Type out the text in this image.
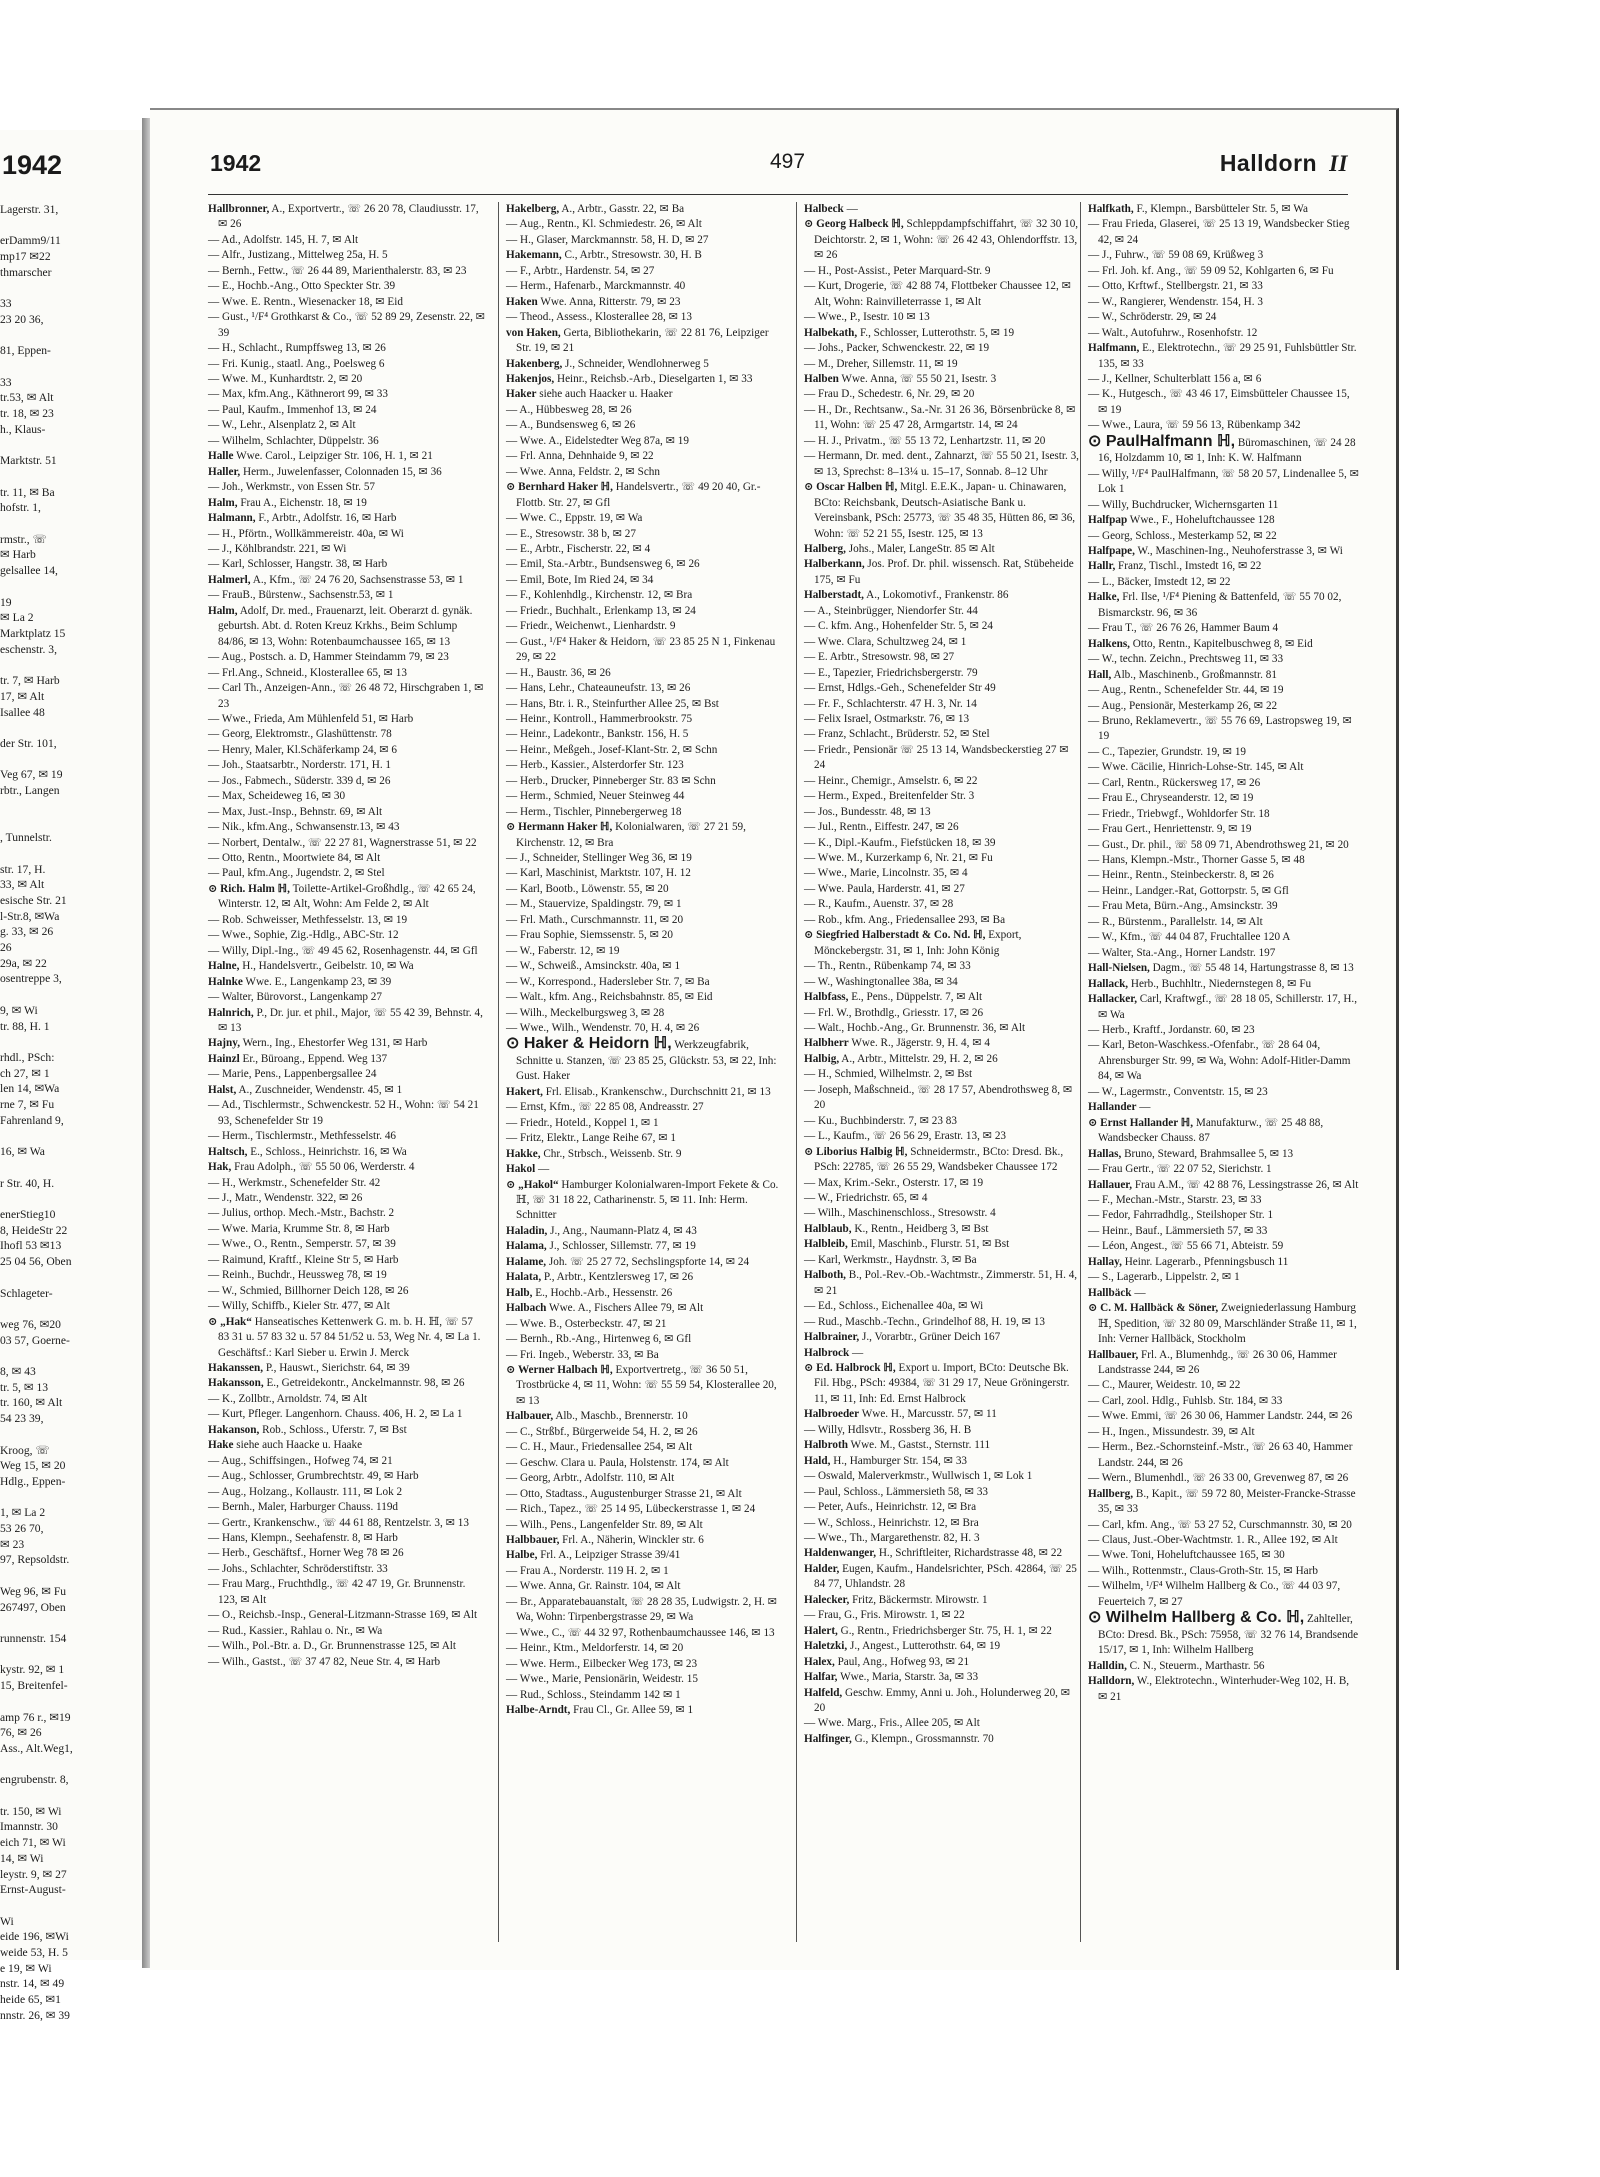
1942
Lagerstr. 31,

erDamm9/11
mp17 ✉22
thmarscher

33
23 20 36,

81, Eppen-

33
tr.53, ✉ Alt
tr. 18, ✉ 23
h., Klaus-

Marktstr. 51

tr. 11, ✉ Ba
hofstr. 1,

rmstr., ☏
✉ Harb
gelsallee 14,

19
✉ La 2
Marktplatz 15
eschenstr. 3,

tr. 7, ✉ Harb
17, ✉ Alt
Isallee 48

der Str. 101,

Veg 67, ✉ 19
rbtr., Langen

, Tunnelstr.

str. 17, H.
33, ✉ Alt
esische Str. 21
l-Str.8, ✉Wa
g. 33, ✉ 26
26
29a, ✉ 22
osentreppe 3,

9, ✉ Wi
tr. 88, H. 1

rhdl., PSch:
ch 27, ✉ 1
len 14, ✉Wa
rne 7, ✉ Fu
Fahrenland 9,

16, ✉ Wa

r Str. 40, H.

enerStieg10
8, HeideStr 22
Ihofl 53 ✉13
25 04 56, Oben

Schlageter-

weg 76, ✉20
03 57, Goerne-

8, ✉ 43
tr. 5, ✉ 13
tr. 160, ✉ Alt
54 23 39,

Kroog, ☏
Weg 15, ✉ 20
Hdlg., Eppen-

1, ✉ La 2
53 26 70,
✉ 23
97, Repsoldstr.

Weg 96, ✉ Fu
267497, Oben

runnenstr. 154

kystr. 92, ✉ 1
15, Breitenfel-

amp 76 r., ✉19
76, ✉ 26
Ass., Alt.Weg1,

engrubenstr. 8,

tr. 150, ✉ Wi
Imannstr. 30
eich 71, ✉ Wi
14, ✉ Wi
leystr. 9, ✉ 27
Ernst-August-

Wi
eide 196, ✉Wi
weide 53, H. 5
e 19, ✉ Wi
nstr. 14, ✉ 49
heide 65, ✉1
nnstr. 26, ✉ 39
1942	497	Halldorn II
Hallbronner, A., Exportvertr., ☏ 26 20 78, Claudiusstr. 17, ✉ 26
— Ad., Adolfstr. 145, H. 7, ✉ Alt
— Alfr., Justizang., Mittelweg 25a, H. 5
— Bernh., Fettw., ☏ 26 44 89, Marienthalerstr. 83, ✉ 23
— E., Hochb.-Ang., Otto Speckter Str. 39
— Wwe. E. Rentn., Wiesenacker 18, ✉ Eid
— Gust., ¹/F⁴ Grothkarst & Co., ☏ 52 89 29, Zesenstr. 22, ✉ 39
— H., Schlacht., Rumpffsweg 13, ✉ 26
— Fri. Kunig., staatl. Ang., Poelsweg 6
— Wwe. M., Kunhardtstr. 2, ✉ 20
— Max, kfm.Ang., Käthnerort 99, ✉ 33
— Paul, Kaufm., Immenhof 13, ✉ 24
— W., Lehr., Alsenplatz 2, ✉ Alt
— Wilhelm, Schlachter, Düppelstr. 36
Halle Wwe. Carol., Leipziger Str. 106, H. 1, ✉ 21
Haller, Herm., Juwelenfasser, Colonnaden 15, ✉ 36
— Joh., Werkmstr., von Essen Str. 57
Halm, Frau A., Eichenstr. 18, ✉ 19
Halmann, F., Arbtr., Adolfstr. 16, ✉ Harb
— H., Pförtn., Wollkämmereistr. 40a, ✉ Wi
— J., Köhlbrandstr. 221, ✉ Wi
— Karl, Schlosser, Hangstr. 38, ✉ Harb
Halmerl, A., Kfm., ☏ 24 76 20, Sachsenstrasse 53, ✉ 1
— FrauB., Bürstenw., Sachsenstr.53, ✉ 1
Halm, Adolf, Dr. med., Frauenarzt, leit. Oberarzt d. gynäk. geburtsh. Abt. d. Roten Kreuz Krkhs., Beim Schlump 84/86, ✉ 13, Wohn: Rotenbaumchaussee 165, ✉ 13
— Aug., Postsch. a. D, Hammer Steindamm 79, ✉ 23
— Frl.Ang., Schneid., Klosterallee 65, ✉ 13
— Carl Th., Anzeigen-Ann., ☏ 26 48 72, Hirschgraben 1, ✉ 23
— Wwe., Frieda, Am Mühlenfeld 51, ✉ Harb
— Georg, Elektromstr., Glashüttenstr. 78
— Henry, Maler, Kl.Schäferkamp 24, ✉ 6
— Joh., Staatsarbtr., Norderstr. 171, H. 1
— Jos., Fabmech., Süderstr. 339 d, ✉ 26
— Max, Scheideweg 16, ✉ 30
— Max, Just.-Insp., Behnstr. 69, ✉ Alt
— Nik., kfm.Ang., Schwansenstr.13, ✉ 43
— Norbert, Dentalw., ☏ 22 27 81, Wagnerstrasse 51, ✉ 22
— Otto, Rentn., Moortwiete 84, ✉ Alt
— Paul, kfm.Ang., Jugendstr. 2, ✉ Stel
⊙ Rich. Halm ℍ, Toilette-Artikel-Großhdlg., ☏ 42 65 24, Winterstr. 12, ✉ Alt, Wohn: Am Felde 2, ✉ Alt
— Rob. Schweisser, Methfesselstr. 13, ✉ 19
— Wwe., Sophie, Zig.-Hdlg., ABC-Str. 12
— Willy, Dipl.-Ing., ☏ 49 45 62, Rosenhagenstr. 44, ✉ Gfl
Halne, H., Handelsvertr., Geibelstr. 10, ✉ Wa
Halnke Wwe. E., Langenkamp 23, ✉ 39
— Walter, Bürovorst., Langenkamp 27
Halnrich, P., Dr. jur. et phil., Major, ☏ 55 42 39, Behnstr. 4, ✉ 13
Hajny, Wern., Ing., Ehestorfer Weg 131, ✉ Harb
Hainzl Er., Büroang., Eppend. Weg 137
— Marie, Pens., Lappenbergsallee 24
Halst, A., Zuschneider, Wendenstr. 45, ✉ 1
— Ad., Tischlermstr., Schwenckestr. 52 H., Wohn: ☏ 54 21 93, Schenefelder Str 19
— Herm., Tischlermstr., Methfesselstr. 46
Haltsch, E., Schloss., Heinrichstr. 16, ✉ Wa
Hak, Frau Adolph., ☏ 55 50 06, Werderstr. 4
— H., Werkmstr., Schenefelder Str. 42
— J., Matr., Wendenstr. 322, ✉ 26
— Julius, orthop. Mech.-Mstr., Bachstr. 2
— Wwe. Maria, Krumme Str. 8, ✉ Harb
— Wwe., O., Rentn., Semperstr. 57, ✉ 39
— Raimund, Kraftf., Kleine Str 5, ✉ Harb
— Reinh., Buchdr., Heussweg 78, ✉ 19
— W., Schmied, Billhorner Deich 128, ✉ 26
— Willy, Schiffb., Kieler Str. 477, ✉ Alt
⊙ „Hak“ Hanseatisches Kettenwerk G. m. b. H. ℍ, ☏ 57 83 31 u. 57 83 32 u. 57 84 51/52 u. 53, Weg Nr. 4, ✉ La 1. Geschäftsf.: Karl Sieber u. Erwin J. Merck
Hakanssen, P., Hauswt., Sierichstr. 64, ✉ 39
Hakansson, E., Getreidekontr., Anckelmannstr. 98, ✉ 26
— K., Zollbtr., Arnoldstr. 74, ✉ Alt
— Kurt, Pfleger. Langenhorn. Chauss. 406, H. 2, ✉ La 1
Hakanson, Rob., Schloss., Uferstr. 7, ✉ Bst
Hake siehe auch Haacke u. Haake
— Aug., Schiffsingen., Hofweg 74, ✉ 21
— Aug., Schlosser, Grumbrechtstr. 49, ✉ Harb
— Aug., Holzang., Kollaustr. 111, ✉ Lok 2
— Bernh., Maler, Harburger Chauss. 119d
— Gertr., Krankenschw., ☏ 44 61 88, Rentzelstr. 3, ✉ 13
— Hans, Klempn., Seehafenstr. 8, ✉ Harb
— Herb., Geschäftsf., Horner Weg 78 ✉ 26
— Johs., Schlachter, Schröderstiftstr. 33
— Frau Marg., Fruchthdlg., ☏ 42 47 19, Gr. Brunnenstr. 123, ✉ Alt
— O., Reichsb.-Insp., General-Litzmann-Strasse 169, ✉ Alt
— Rud., Kassier., Rahlau o. Nr., ✉ Wa
— Wilh., Pol.-Btr. a. D., Gr. Brunnenstrasse 125, ✉ Alt
— Wilh., Gastst., ☏ 37 47 82, Neue Str. 4, ✉ Harb
Hakelberg, A., Arbtr., Gasstr. 22, ✉ Ba
— Aug., Rentn., Kl. Schmiedestr. 26, ✉ Alt
— H., Glaser, Marckmannstr. 58, H. D, ✉ 27
Hakemann, C., Arbtr., Stresowstr. 30, H. B
— F., Arbtr., Hardenstr. 54, ✉ 27
— Herm., Hafenarb., Marckmannstr. 40
Haken Wwe. Anna, Ritterstr. 79, ✉ 23
— Theod., Assess., Klosterallee 28, ✉ 13
von Haken, Gerta, Bibliothekarin, ☏ 22 81 76, Leipziger Str. 19, ✉ 21
Hakenberg, J., Schneider, Wendlohnerweg 5
Hakenjos, Heinr., Reichsb.-Arb., Dieselgarten 1, ✉ 33
Haker siehe auch Haacker u. Haaker
— A., Hübbesweg 28, ✉ 26
— A., Bundsensweg 6, ✉ 26
— Wwe. A., Eidelstedter Weg 87a, ✉ 19
— Frl. Anna, Dehnhaide 9, ✉ 22
— Wwe. Anna, Feldstr. 2, ✉ Schn
⊙ Bernhard Haker ℍ, Handelsvertr., ☏ 49 20 40, Gr.-Flottb. Str. 27, ✉ Gfl
— Wwe. C., Eppstr. 19, ✉ Wa
— E., Stresowstr. 38 b, ✉ 27
— E., Arbtr., Fischerstr. 22, ✉ 4
— Emil, Sta.-Arbtr., Bundsensweg 6, ✉ 26
— Emil, Bote, Im Ried 24, ✉ 34
— F., Kohlenhdlg., Kirchenstr. 12, ✉ Bra
— Friedr., Buchhalt., Erlenkamp 13, ✉ 24
— Friedr., Weichenwt., Lienhardstr. 9
— Gust., ¹/F⁴ Haker & Heidorn, ☏ 23 85 25 N 1, Finkenau 29, ✉ 22
— H., Baustr. 36, ✉ 26
— Hans, Lehr., Chateauneufstr. 13, ✉ 26
— Hans, Btr. i. R., Steinfurther Allee 25, ✉ Bst
— Heinr., Kontroll., Hammerbrookstr. 75
— Heinr., Ladekontr., Bankstr. 156, H. 5
— Heinr., Meßgeh., Josef-Klant-Str. 2, ✉ Schn
— Herb., Kassier., Alsterdorfer Str. 123
— Herb., Drucker, Pinneberger Str. 83 ✉ Schn
— Herm., Schmied, Neuer Steinweg 44
— Herm., Tischler, Pinnebergerweg 18
⊙ Hermann Haker ℍ, Kolonialwaren, ☏ 27 21 59, Kirchenstr. 12, ✉ Bra
— J., Schneider, Stellinger Weg 36, ✉ 19
— Karl, Maschinist, Marktstr. 107, H. 12
— Karl, Bootb., Löwenstr. 55, ✉ 20
— M., Stauervize, Spaldingstr. 79, ✉ 1
— Frl. Math., Curschmannstr. 11, ✉ 20
— Frau Sophie, Siemssenstr. 5, ✉ 20
— W., Faberstr. 12, ✉ 19
— W., Schweiß., Amsinckstr. 40a, ✉ 1
— W., Korrespond., Hadersleber Str. 7, ✉ Ba
— Walt., kfm. Ang., Reichsbahnstr. 85, ✉ Eid
— Wilh., Meckelburgsweg 3, ✉ 28
— Wwe., Wilh., Wendenstr. 70, H. 4, ✉ 26
⊙ Haker & Heidorn ℍ, Werkzeugfabrik, Schnitte u. Stanzen, ☏ 23 85 25, Glückstr. 53, ✉ 22, Inh: Gust. Haker
Hakert, Frl. Elisab., Krankenschw., Durchschnitt 21, ✉ 13
— Ernst, Kfm., ☏ 22 85 08, Andreasstr. 27
— Friedr., Hoteld., Koppel 1, ✉ 1
— Fritz, Elektr., Lange Reihe 67, ✉ 1
Hakke, Chr., Strbsch., Weissenb. Str. 9
Hakol —
⊙ „Hakol“ Hamburger Kolonialwaren-Import Fekete & Co. ℍ, ☏ 31 18 22, Catharinenstr. 5, ✉ 11. Inh: Herm. Schnitter
Haladin, J., Ang., Naumann-Platz 4, ✉ 43
Halama, J., Schlosser, Sillemstr. 77, ✉ 19
Halame, Joh. ☏ 25 27 72, Sechslingspforte 14, ✉ 24
Halata, P., Arbtr., Kentzlersweg 17, ✉ 26
Halb, E., Hochb.-Arb., Hessenstr. 26
Halbach Wwe. A., Fischers Allee 79, ✉ Alt
— Wwe. B., Osterbeckstr. 47, ✉ 21
— Bernh., Rb.-Ang., Hirtenweg 6, ✉ Gfl
— Fri. Ingeb., Weberstr. 33, ✉ Ba
⊙ Werner Halbach ℍ, Exportvertretg., ☏ 36 50 51, Trostbrücke 4, ✉ 11, Wohn: ☏ 55 59 54, Klosterallee 20, ✉ 13
Halbauer, Alb., Maschb., Brennerstr. 10
— C., Strßbf., Bürgerweide 54, H. 2, ✉ 26
— C. H., Maur., Friedensallee 254, ✉ Alt
— Geschw. Clara u. Paula, Holstenstr. 174, ✉ Alt
— Georg, Arbtr., Adolfstr. 110, ✉ Alt
— Otto, Stadtass., Augustenburger Strasse 21, ✉ Alt
— Rich., Tapez., ☏ 25 14 95, Lübeckerstrasse 1, ✉ 24
— Wilh., Pens., Langenfelder Str. 89, ✉ Alt
Halbbauer, Frl. A., Näherin, Winckler str. 6
Halbe, Frl. A., Leipziger Strasse 39/41
— Frau A., Norderstr. 119 H. 2, ✉ 1
— Wwe. Anna, Gr. Rainstr. 104, ✉ Alt
— Br., Apparatebauanstalt, ☏ 28 28 35, Ludwigstr. 2, H. ✉ Wa, Wohn: Tirpenbergstrasse 29, ✉ Wa
— Wwe., C., ☏ 44 32 97, Rothenbaumchaussee 146, ✉ 13
— Heinr., Ktm., Meldorferstr. 14, ✉ 20
— Wwe. Herm., Eilbecker Weg 173, ✉ 23
— Wwe., Marie, Pensionärin, Weidestr. 15
— Rud., Schloss., Steindamm 142 ✉ 1
Halbe-Arndt, Frau Cl., Gr. Allee 59, ✉ 1
Halbeck —
⊙ Georg Halbeck ℍ, Schleppdampfschiffahrt, ☏ 32 30 10, Deichtorstr. 2, ✉ 1, Wohn: ☏ 26 42 43, Ohlendorffstr. 13, ✉ 26
— H., Post-Assist., Peter Marquard-Str. 9
— Kurt, Drogerie, ☏ 42 88 74, Flottbeker Chaussee 12, ✉ Alt, Wohn: Rainvilleterrasse 1, ✉ Alt
— Wwe., P., Isestr. 10 ✉ 13
Halbekath, F., Schlosser, Lutterothstr. 5, ✉ 19
— Johs., Packer, Schwenckestr. 22, ✉ 19
— M., Dreher, Sillemstr. 11, ✉ 19
Halben Wwe. Anna, ☏ 55 50 21, Isestr. 3
— Frau D., Schedestr. 6, Nr. 29, ✉ 20
— H., Dr., Rechtsanw., Sa.-Nr. 31 26 36, Börsenbrücke 8, ✉ 11, Wohn: ☏ 25 47 28, Armgartstr. 14, ✉ 24
— H. J., Privatm., ☏ 55 13 72, Lenhartzstr. 11, ✉ 20
— Hermann, Dr. med. dent., Zahnarzt, ☏ 55 50 21, Isestr. 3, ✉ 13, Sprechst: 8–13¼ u. 15–17, Sonnab. 8–12 Uhr
⊙ Oscar Halben ℍ, Mitgl. E.E.K., Japan- u. Chinawaren, BCto: Reichsbank, Deutsch-Asiatische Bank u. Vereinsbank, PSch: 25773, ☏ 35 48 35, Hütten 86, ✉ 36, Wohn: ☏ 52 21 55, Isestr. 125, ✉ 13
Halberg, Johs., Maler, LangeStr. 85 ✉ Alt
Halberkann, Jos. Prof. Dr. phil. wissensch. Rat, Stübeheide 175, ✉ Fu
Halberstadt, A., Lokomotivf., Frankenstr. 86
— A., Steinbrügger, Niendorfer Str. 44
— C. kfm. Ang., Hohenfelder Str. 5, ✉ 24
— Wwe. Clara, Schultzweg 24, ✉ 1
— E. Arbtr., Stresowstr. 98, ✉ 27
— E., Tapezier, Friedrichsbergerstr. 79
— Ernst, Hdlgs.-Geh., Schenefelder Str 49
— Fr. F., Schlachterstr. 47 H. 3, Nr. 14
— Felix Israel, Ostmarkstr. 76, ✉ 13
— Franz, Schlacht., Brüderstr. 52, ✉ Stel
— Friedr., Pensionär ☏ 25 13 14, Wandsbeckerstieg 27 ✉ 24
— Heinr., Chemigr., Amselstr. 6, ✉ 22
— Herm., Exped., Breitenfelder Str. 3
— Jos., Bundesstr. 48, ✉ 13
— Jul., Rentn., Eiffestr. 247, ✉ 26
— K., Dipl.-Kaufm., Fiefstücken 18, ✉ 39
— Wwe. M., Kurzerkamp 6, Nr. 21, ✉ Fu
— Wwe., Marie, Lincolnstr. 35, ✉ 4
— Wwe. Paula, Harderstr. 41, ✉ 27
— R., Kaufm., Auenstr. 37, ✉ 28
— Rob., kfm. Ang., Friedensallee 293, ✉ Ba
⊙ Siegfried Halberstadt & Co. Nd. ℍ, Export, Mönckebergstr. 31, ✉ 1, Inh: John König
— Th., Rentn., Rübenkamp 74, ✉ 33
— W., Washingtonallee 38a, ✉ 34
Halbfass, E., Pens., Düppelstr. 7, ✉ Alt
— Frl. W., Brothdlg., Griesstr. 17, ✉ 26
— Walt., Hochb.-Ang., Gr. Brunnenstr. 36, ✉ Alt
Halbherr Wwe. R., Jägerstr. 9, H. 4, ✉ 4
Halbig, A., Arbtr., Mittelstr. 29, H. 2, ✉ 26
— H., Schmied, Wilhelmstr. 2, ✉ Bst
— Joseph, Maßschneid., ☏ 28 17 57, Abendrothsweg 8, ✉ 20
— Ku., Buchbinderstr. 7, ✉ 23 83
— L., Kaufm., ☏ 26 56 29, Erastr. 13, ✉ 23
⊙ Liborius Halbig ℍ, Schneidermstr., BCto: Dresd. Bk., PSch: 22785, ☏ 26 55 29, Wandsbeker Chaussee 172
— Max, Krim.-Sekr., Osterstr. 17, ✉ 19
— W., Friedrichstr. 65, ✉ 4
— Wilh., Maschinenschloss., Stresowstr. 4
Halblaub, K., Rentn., Heidberg 3, ✉ Bst
Halbleib, Emil, Maschinb., Flurstr. 51, ✉ Bst
— Karl, Werkmstr., Haydnstr. 3, ✉ Ba
Halboth, B., Pol.-Rev.-Ob.-Wachtmstr., Zimmerstr. 51, H. 4, ✉ 21
— Ed., Schloss., Eichenallee 40a, ✉ Wi
— Rud., Maschb.-Techn., Grindelhof 88, H. 19, ✉ 13
Halbrainer, J., Vorarbtr., Grüner Deich 167
Halbrock —
⊙ Ed. Halbrock ℍ, Export u. Import, BCto: Deutsche Bk. Fil. Hbg., PSch: 49384, ☏ 31 29 17, Neue Gröningerstr. 11, ✉ 11, Inh: Ed. Ernst Halbrock
Halbroeder Wwe. H., Marcusstr. 57, ✉ 11
— Willy, Hdlsvtr., Rossberg 36, H. B
Halbroth Wwe. M., Gastst., Sternstr. 111
Hald, H., Hamburger Str. 154, ✉ 33
— Oswald, Malerverkmstr., Wullwisch 1, ✉ Lok 1
— Paul, Schloss., Lämmersieth 58, ✉ 33
— Peter, Aufs., Heinrichstr. 12, ✉ Bra
— W., Schloss., Heinrichstr. 12, ✉ Bra
— Wwe., Th., Margarethenstr. 82, H. 3
Haldenwanger, H., Schriftleiter, Richardstrasse 48, ✉ 22
Halder, Eugen, Kaufm., Handelsrichter, PSch. 42864, ☏ 25 84 77, Uhlandstr. 28
Halecker, Fritz, Bäckermstr. Mirowstr. 1
— Frau, G., Fris. Mirowstr. 1, ✉ 22
Halert, G., Rentn., Friedrichsberger Str. 75, H. 1, ✉ 22
Haletzki, J., Angest., Lutterothstr. 64, ✉ 19
Halex, Paul, Ang., Hofweg 93, ✉ 21
Halfar, Wwe., Maria, Starstr. 3a, ✉ 33
Halfeld, Geschw. Emmy, Anni u. Joh., Holunderweg 20, ✉ 20
— Wwe. Marg., Fris., Allee 205, ✉ Alt
Halfinger, G., Klempn., Grossmannstr. 70
Halfkath, F., Klempn., Barsbütteler Str. 5, ✉ Wa
— Frau Frieda, Glaserei, ☏ 25 13 19, Wandsbecker Stieg 42, ✉ 24
— J., Fuhrw., ☏ 59 08 69, Krüßweg 3
— Frl. Joh. kf. Ang., ☏ 59 09 52, Kohlgarten 6, ✉ Fu
— Otto, Krftwf., Stellbergstr. 21, ✉ 33
— W., Rangierer, Wendenstr. 154, H. 3
— W., Schröderstr. 29, ✉ 24
— Walt., Autofuhrw., Rosenhofstr. 12
Halfmann, E., Elektrotechn., ☏ 29 25 91, Fuhlsbüttler Str. 135, ✉ 33
— J., Kellner, Schulterblatt 156 a, ✉ 6
— K., Hutgesch., ☏ 43 46 17, Eimsbütteler Chaussee 15, ✉ 19
— Wwe., Laura, ☏ 59 56 13, Rübenkamp 342
⊙ PaulHalfmann ℍ, Büromaschinen, ☏ 24 28 16, Holzdamm 10, ✉ 1, Inh: K. W. Halfmann
— Willy, ¹/F⁴ PaulHalfmann, ☏ 58 20 57, Lindenallee 5, ✉ Lok 1
— Willy, Buchdrucker, Wichernsgarten 11
Halfpap Wwe., F., Hoheluftchaussee 128
— Georg, Schloss., Mesterkamp 52, ✉ 22
Halfpape, W., Maschinen-Ing., Neuhoferstrasse 3, ✉ Wi
Hallr, Franz, Tischl., Imstedt 16, ✉ 22
— L., Bäcker, Imstedt 12, ✉ 22
Halke, Frl. Ilse, ¹/F⁴ Piening & Battenfeld, ☏ 55 70 02, Bismarckstr. 96, ✉ 36
— Frau T., ☏ 26 76 26, Hammer Baum 4
Halkens, Otto, Rentn., Kapitelbuschweg 8, ✉ Eid
— W., techn. Zeichn., Prechtsweg 11, ✉ 33
Hall, Alb., Maschinenb., Großmannstr. 81
— Aug., Rentn., Schenefelder Str. 44, ✉ 19
— Aug., Pensionär, Mesterkamp 26, ✉ 22
— Bruno, Reklamevertr., ☏ 55 76 69, Lastropsweg 19, ✉ 19
— C., Tapezier, Grundstr. 19, ✉ 19
— Wwe. Cäcilie, Hinrich-Lohse-Str. 145, ✉ Alt
— Carl, Rentn., Rückersweg 17, ✉ 26
— Frau E., Chryseanderstr. 12, ✉ 19
— Friedr., Triebwgf., Wohldorfer Str. 18
— Frau Gert., Henriettenstr. 9, ✉ 19
— Gust., Dr. phil., ☏ 58 09 71, Abendrothsweg 21, ✉ 20
— Hans, Klempn.-Mstr., Thorner Gasse 5, ✉ 48
— Heinr., Rentn., Steinbeckerstr. 8, ✉ 26
— Heinr., Landger.-Rat, Gottorpstr. 5, ✉ Gfl
— Frau Meta, Bürn.-Ang., Amsinckstr. 39
— R., Bürstenm., Parallelstr. 14, ✉ Alt
— W., Kfm., ☏ 44 04 87, Fruchtallee 120 A
— Walter, Sta.-Ang., Horner Landstr. 197
Hall-Nielsen, Dagm., ☏ 55 48 14, Hartungstrasse 8, ✉ 13
Hallack, Herb., Buchhltr., Niedernstegen 8, ✉ Fu
Hallacker, Carl, Kraftwgf., ☏ 28 18 05, Schillerstr. 17, H., ✉ Wa
— Herb., Kraftf., Jordanstr. 60, ✉ 23
— Karl, Beton-Waschkess.-Ofenfabr., ☏ 28 64 04, Ahrensburger Str. 99, ✉ Wa, Wohn: Adolf-Hitler-Damm 84, ✉ Wa
— W., Lagermstr., Conventstr. 15, ✉ 23
Hallander —
⊙ Ernst Hallander ℍ, Manufakturw., ☏ 25 48 88, Wandsbecker Chauss. 87
Hallas, Bruno, Steward, Brahmsallee 5, ✉ 13
— Frau Gertr., ☏ 22 07 52, Sierichstr. 1
Hallauer, Frau A.M., ☏ 42 88 76, Lessingstrasse 26, ✉ Alt
— F., Mechan.-Mstr., Starstr. 23, ✉ 33
— Fedor, Fahrradhdlg., Steilshoper Str. 1
— Heinr., Bauf., Lämmersieth 57, ✉ 33
— Léon, Angest., ☏ 55 66 71, Abteistr. 59
Hallay, Heinr. Lagerarb., Pfenningsbusch 11
— S., Lagerarb., Lippelstr. 2, ✉ 1
Hallbäck —
⊙ C. M. Hallbäck & Söner, Zweigniederlassung Hamburg ℍ, Spedition, ☏ 32 80 09, Marschländer Straße 11, ✉ 1, Inh: Verner Hallbäck, Stockholm
Hallbauer, Frl. A., Blumenhdg., ☏ 26 30 06, Hammer Landstrasse 244, ✉ 26
— C., Maurer, Weidestr. 10, ✉ 22
— Carl, zool. Hdlg., Fuhlsb. Str. 184, ✉ 33
— Wwe. Emmi, ☏ 26 30 06, Hammer Landstr. 244, ✉ 26
— H., Ingen., Missundestr. 39, ✉ Alt
— Herm., Bez.-Schornsteinf.-Mstr., ☏ 26 63 40, Hammer Landstr. 244, ✉ 26
— Wern., Blumenhdl., ☏ 26 33 00, Grevenweg 87, ✉ 26
Hallberg, B., Kapit., ☏ 59 72 80, Meister-Francke-Strasse 35, ✉ 33
— Carl, kfm. Ang., ☏ 53 27 52, Curschmannstr. 30, ✉ 20
— Claus, Just.-Ober-Wachtmstr. 1. R., Allee 192, ✉ Alt
— Wwe. Toni, Hoheluftchaussee 165, ✉ 30
— Wilh., Rottenmstr., Claus-Groth-Str. 15, ✉ Harb
— Wilhelm, ¹/F⁴ Wilhelm Hallberg & Co., ☏ 44 03 97, Feuerteich 7, ✉ 27
⊙ Wilhelm Hallberg & Co. ℍ, Zahlteller, BCto: Dresd. Bk., PSch: 75958, ☏ 32 76 14, Brandsende 15/17, ✉ 1, Inh: Wilhelm Hallberg
Halldin, C. N., Steuerm., Marthastr. 56
Halldorn, W., Elektrotechn., Winterhuder-Weg 102, H. B, ✉ 21
